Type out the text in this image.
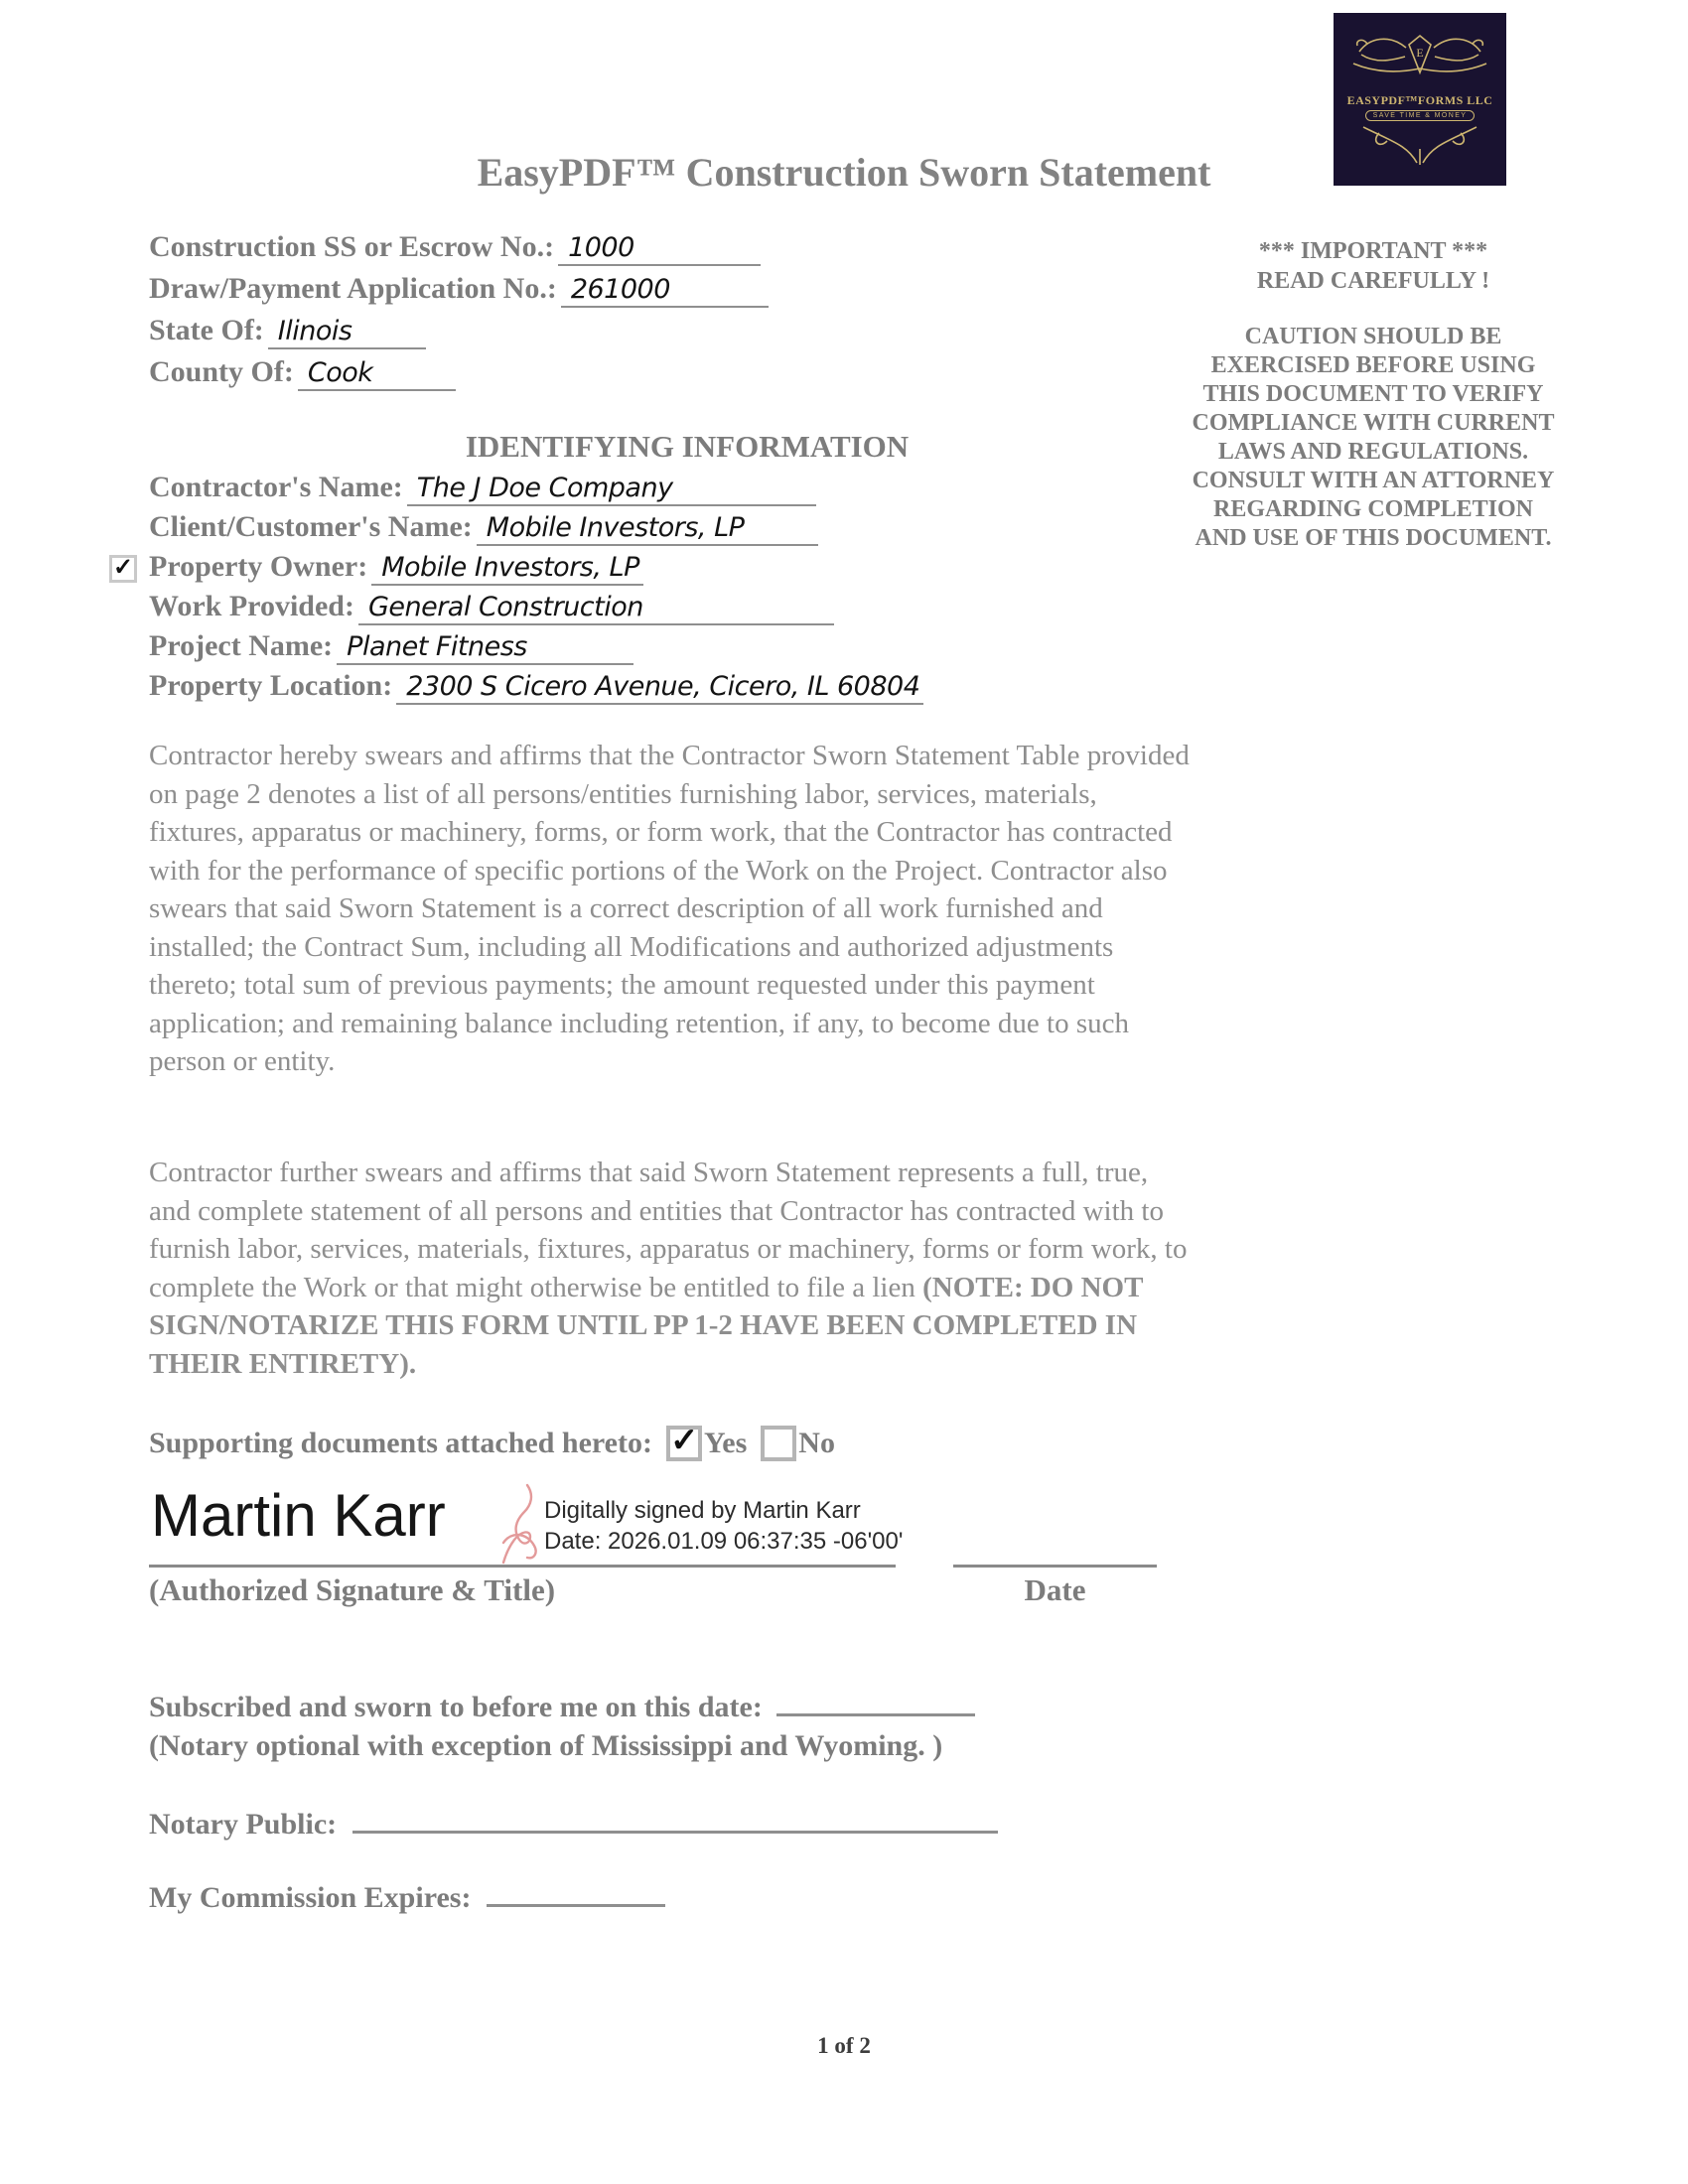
E
EASYPDF™FORMS LLC
SAVE TIME & MONEY
EasyPDF™ Construction Sworn Statement
Construction SS or Escrow No.: 1000
Draw/Payment Application No.: 261000
State Of: Ilinois
County Of: Cook
*** IMPORTANT ***
READ CAREFULLY !
CAUTION SHOULD BE EXERCISED BEFORE USING THIS DOCUMENT TO VERIFY COMPLIANCE WITH CURRENT LAWS AND REGULATIONS. CONSULT WITH AN ATTORNEY REGARDING COMPLETION AND USE OF THIS DOCUMENT.
IDENTIFYING INFORMATION
Contractor's Name: The J Doe Company
Client/Customer's Name: Mobile Investors, LP
✓ Property Owner: Mobile Investors, LP
Work Provided: General Construction
Project Name: Planet Fitness
Property Location: 2300 S Cicero Avenue, Cicero, IL 60804
Contractor hereby swears and affirms that the Contractor Sworn Statement Table provided on page 2 denotes a list of all persons/entities furnishing labor, services, materials, fixtures, apparatus or machinery, forms, or form work, that the Contractor has contracted with for the performance of specific portions of the Work on the Project. Contractor also swears that said Sworn Statement is a correct description of all work furnished and installed; the Contract Sum, including all Modifications and authorized adjustments thereto; total sum of previous payments; the amount requested under this payment application; and remaining balance including retention, if any, to become due to such person or entity.
Contractor further swears and affirms that said Sworn Statement represents a full, true, and complete statement of all persons and entities that Contractor has contracted with to furnish labor, services, materials, fixtures, apparatus or machinery, forms or form work, to complete the Work or that might otherwise be entitled to file a lien (NOTE: DO NOT SIGN/NOTARIZE THIS FORM UNTIL PP 1-2 HAVE BEEN COMPLETED IN THEIR ENTIRETY).
Supporting documents attached hereto: ✓ Yes No
Martin Karr	Digitally signed by Martin Karr
Date: 2026.01.09 06:37:35 -06'00'
(Authorized Signature & Title)	Date
Subscribed and sworn to before me on this date:
(Notary optional with exception of Mississippi and Wyoming. )
Notary Public:
My Commission Expires:
1 of 2
